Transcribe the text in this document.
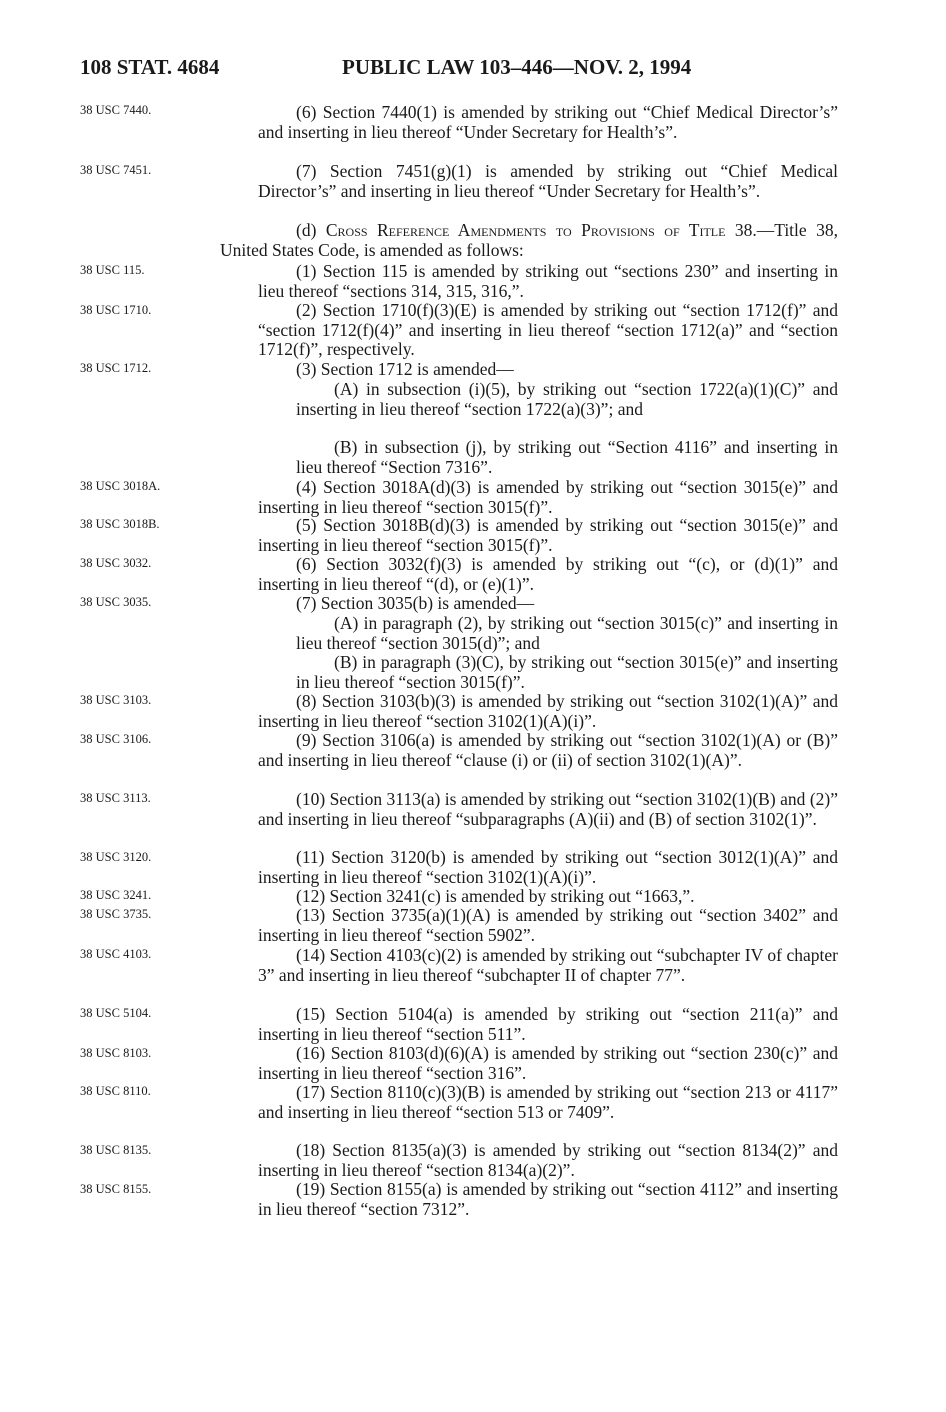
108 STAT. 4684	PUBLIC LAW 103–446—NOV. 2, 1994
38 USC 7440.
38 USC 7451.
38 USC 115.
38 USC 1710.
38 USC 1712.
38 USC 3018A.
38 USC 3018B.
38 USC 3032.
38 USC 3035.
38 USC 3103.
38 USC 3106.
38 USC 3113.
38 USC 3120.
38 USC 3241.
38 USC 3735.
38 USC 4103.
38 USC 5104.
38 USC 8103.
38 USC 8110.
38 USC 8135.
38 USC 8155.
(6) Section 7440(1) is amended by striking out “Chief Medical Director’s” and inserting in lieu thereof “Under Secretary for Health’s”.
(7) Section 7451(g)(1) is amended by striking out “Chief Medical Director’s” and inserting in lieu thereof “Under Secretary for Health’s”.
(d) Cross Reference Amendments to Provisions of Title 38.—Title 38, United States Code, is amended as follows:
(1) Section 115 is amended by striking out “sections 230” and inserting in lieu thereof “sections 314, 315, 316,”.
(2) Section 1710(f)(3)(E) is amended by striking out “section 1712(f)” and “section 1712(f)(4)” and inserting in lieu thereof “section 1712(a)” and “section 1712(f)”, respectively.
(3) Section 1712 is amended—
(A) in subsection (i)(5), by striking out “section 1722(a)(1)(C)” and inserting in lieu thereof “section 1722(a)(3)”; and
(B) in subsection (j), by striking out “Section 4116” and inserting in lieu thereof “Section 7316”.
(4) Section 3018A(d)(3) is amended by striking out “section 3015(e)” and inserting in lieu thereof “section 3015(f)”.
(5) Section 3018B(d)(3) is amended by striking out “section 3015(e)” and inserting in lieu thereof “section 3015(f)”.
(6) Section 3032(f)(3) is amended by striking out “(c), or (d)(1)” and inserting in lieu thereof “(d), or (e)(1)”.
(7) Section 3035(b) is amended—
(A) in paragraph (2), by striking out “section 3015(c)” and inserting in lieu thereof “section 3015(d)”; and
(B) in paragraph (3)(C), by striking out “section 3015(e)” and inserting in lieu thereof “section 3015(f)”.
(8) Section 3103(b)(3) is amended by striking out “section 3102(1)(A)” and inserting in lieu thereof “section 3102(1)(A)(i)”.
(9) Section 3106(a) is amended by striking out “section 3102(1)(A) or (B)” and inserting in lieu thereof “clause (i) or (ii) of section 3102(1)(A)”.
(10) Section 3113(a) is amended by striking out “section 3102(1)(B) and (2)” and inserting in lieu thereof “subparagraphs (A)(ii) and (B) of section 3102(1)”.
(11) Section 3120(b) is amended by striking out “section 3012(1)(A)” and inserting in lieu thereof “section 3102(1)(A)(i)”.
(12) Section 3241(c) is amended by striking out “1663,”.
(13) Section 3735(a)(1)(A) is amended by striking out “section 3402” and inserting in lieu thereof “section 5902”.
(14) Section 4103(c)(2) is amended by striking out “subchapter IV of chapter 3” and inserting in lieu thereof “subchapter II of chapter 77”.
(15) Section 5104(a) is amended by striking out “section 211(a)” and inserting in lieu thereof “section 511”.
(16) Section 8103(d)(6)(A) is amended by striking out “section 230(c)” and inserting in lieu thereof “section 316”.
(17) Section 8110(c)(3)(B) is amended by striking out “section 213 or 4117” and inserting in lieu thereof “section 513 or 7409”.
(18) Section 8135(a)(3) is amended by striking out “section 8134(2)” and inserting in lieu thereof “section 8134(a)(2)”.
(19) Section 8155(a) is amended by striking out “section 4112” and inserting in lieu thereof “section 7312”.
